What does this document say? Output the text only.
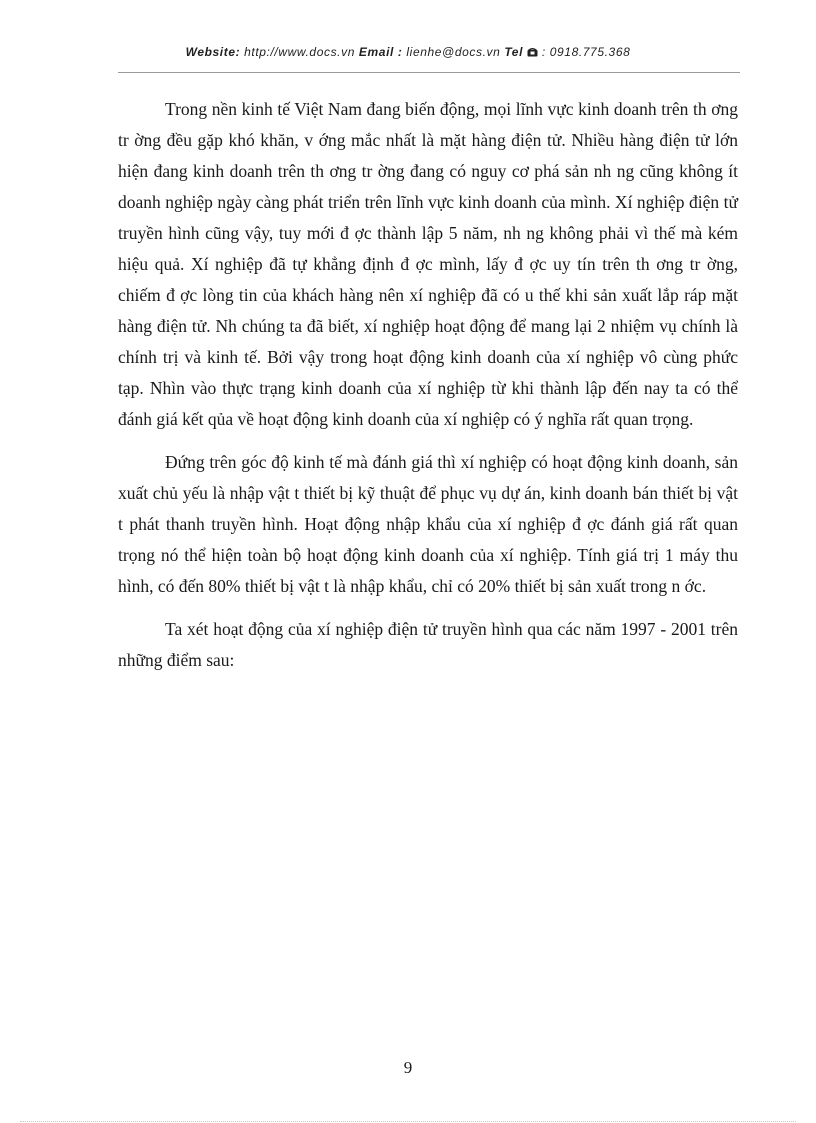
Website: http://www.docs.vn Email : lienhe@docs.vn Tel : 0918.775.368

Trong nền kinh tế Việt Nam đang biến động, mọi lĩnh vực kinh doanh trên th ơng tr ờng đều gặp khó khăn, v ớng mắc nhất là mặt hàng điện tử. Nhiều hàng điện tử lớn hiện đang kinh doanh trên th ơng tr ờng đang có nguy cơ phá sản nh ng cũng không ít doanh nghiệp ngày càng phát triển trên lĩnh vực kinh doanh của mình. Xí nghiệp điện tử truyền hình cũng vậy, tuy mới đ ợc thành lập 5 năm, nh ng không phải vì thế mà kém hiệu quả. Xí nghiệp đã tự khẳng định đ ợc mình, lấy đ ợc uy tín trên th ơng tr ờng, chiếm đ ợc lòng tin của khách hàng nên xí nghiệp đã có u thế khi sản xuất lắp ráp mặt hàng điện tử. Nh chúng ta đã biết, xí nghiệp hoạt động để mang lại 2 nhiệm vụ chính là chính trị và kinh tế. Bởi vậy trong hoạt động kinh doanh của xí nghiệp vô cùng phức tạp. Nhìn vào thực trạng kinh doanh của xí nghiệp từ khi thành lập đến nay ta có thể đánh giá kết qủa về hoạt động kinh doanh của xí nghiệp có ý nghĩa rất quan trọng.

Đứng trên góc độ kinh tế mà đánh giá thì xí nghiệp có hoạt động kinh doanh, sản xuất chủ yếu là nhập vật t thiết bị kỹ thuật để phục vụ dự án, kinh doanh bán thiết bị vật t phát thanh truyền hình. Hoạt động nhập khẩu của xí nghiệp đ ợc đánh giá rất quan trọng nó thể hiện toàn bộ hoạt động kinh doanh của xí nghiệp. Tính giá trị 1 máy thu hình, có đến 80% thiết bị vật t là nhập khẩu, chỉ có 20% thiết bị sản xuất trong n ớc.

Ta xét hoạt động của xí nghiệp điện tử truyền hình qua các năm 1997 - 2001 trên những điểm sau:

9
